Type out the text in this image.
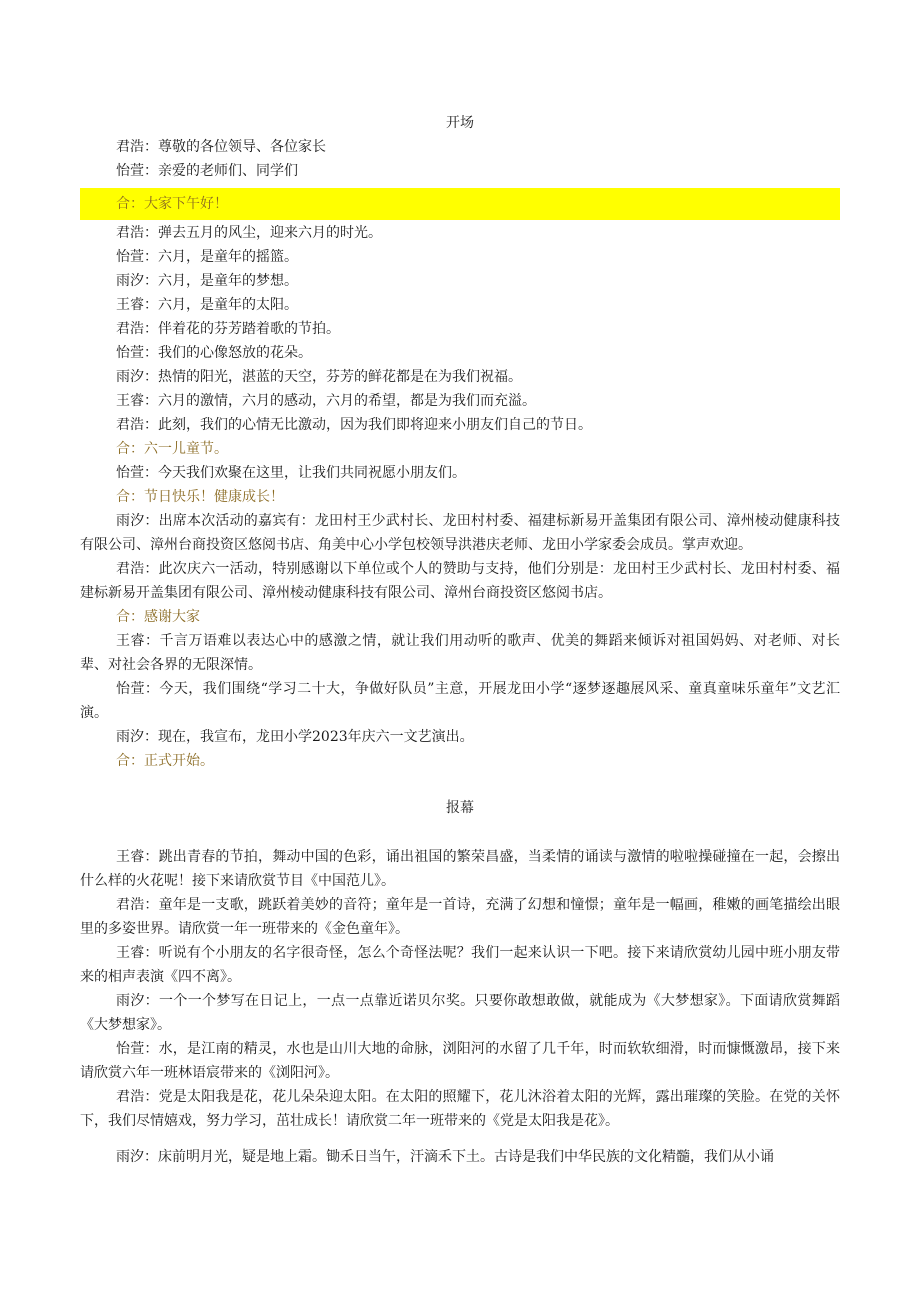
开场

君浩：尊敬的各位领导、各位家长

怡萱：亲爱的老师们、同学们

合：大家下午好！

君浩：弹去五月的风尘，迎来六月的时光。

怡萱：六月，是童年的摇篮。

雨汐：六月，是童年的梦想。

王睿：六月，是童年的太阳。

君浩：伴着花的芬芳踏着歌的节拍。

怡萱：我们的心像怒放的花朵。

雨汐：热情的阳光，湛蓝的天空，芬芳的鲜花都是在为我们祝福。

王睿：六月的激情，六月的感动，六月的希望，都是为我们而充溢。

君浩：此刻，我们的心情无比激动，因为我们即将迎来小朋友们自己的节日。

合：六一儿童节。

怡萱：今天我们欢聚在这里，让我们共同祝愿小朋友们。

合：节日快乐！健康成长！

雨汐：出席本次活动的嘉宾有：龙田村王少武村长、龙田村村委、福建标新易开盖集团有限公司、漳州棱动健康科技有限公司、漳州台商投资区悠阅书店、角美中心小学包校领导洪港庆老师、龙田小学家委会成员。掌声欢迎。

君浩：此次庆六一活动，特别感谢以下单位或个人的赞助与支持，他们分别是：龙田村王少武村长、龙田村村委、福建标新易开盖集团有限公司、漳州棱动健康科技有限公司、漳州台商投资区悠阅书店。

合：感谢大家

王睿：千言万语难以表达心中的感激之情，就让我们用动听的歌声、优美的舞蹈来倾诉对祖国妈妈、对老师、对长辈、对社会各界的无限深情。

怡萱：今天，我们围绕“学习二十大，争做好队员”主意，开展龙田小学“逐梦逐趣展风采、童真童味乐童年”文艺汇演。

雨汐：现在，我宣布，龙田小学2023年庆六一文艺演出。

合：正式开始。

报幕

王睿：跳出青春的节拍，舞动中国的色彩，诵出祖国的繁荣昌盛，当柔情的诵读与激情的啦啦操碰撞在一起，会擦出什么样的火花呢！接下来请欣赏节目《中国范儿》。

君浩：童年是一支歌，跳跃着美妙的音符；童年是一首诗，充满了幻想和憧憬；童年是一幅画，稚嫩的画笔描绘出眼里的多姿世界。请欣赏一年一班带来的《金色童年》。

王睿：听说有个小朋友的名字很奇怪，怎么个奇怪法呢？我们一起来认识一下吧。接下来请欣赏幼儿园中班小朋友带来的相声表演《四不离》。

雨汐：一个一个梦写在日记上，一点一点靠近诺贝尔奖。只要你敢想敢做，就能成为《大梦想家》。下面请欣赏舞蹈《大梦想家》。

怡萱：水，是江南的精灵，水也是山川大地的命脉，浏阳河的水留了几千年，时而软软细滑，时而慷慨激昂，接下来请欣赏六年一班林语宸带来的《浏阳河》。

君浩：党是太阳我是花，花儿朵朵迎太阳。在太阳的照耀下，花儿沐浴着太阳的光辉，露出璀璨的笑脸。在党的关怀下，我们尽情嬉戏，努力学习，茁壮成长！请欣赏二年一班带来的《党是太阳我是花》。

雨汐：床前明月光，疑是地上霜。锄禾日当午，汗滴禾下土。古诗是我们中华民族的文化精髓，我们从小诵
